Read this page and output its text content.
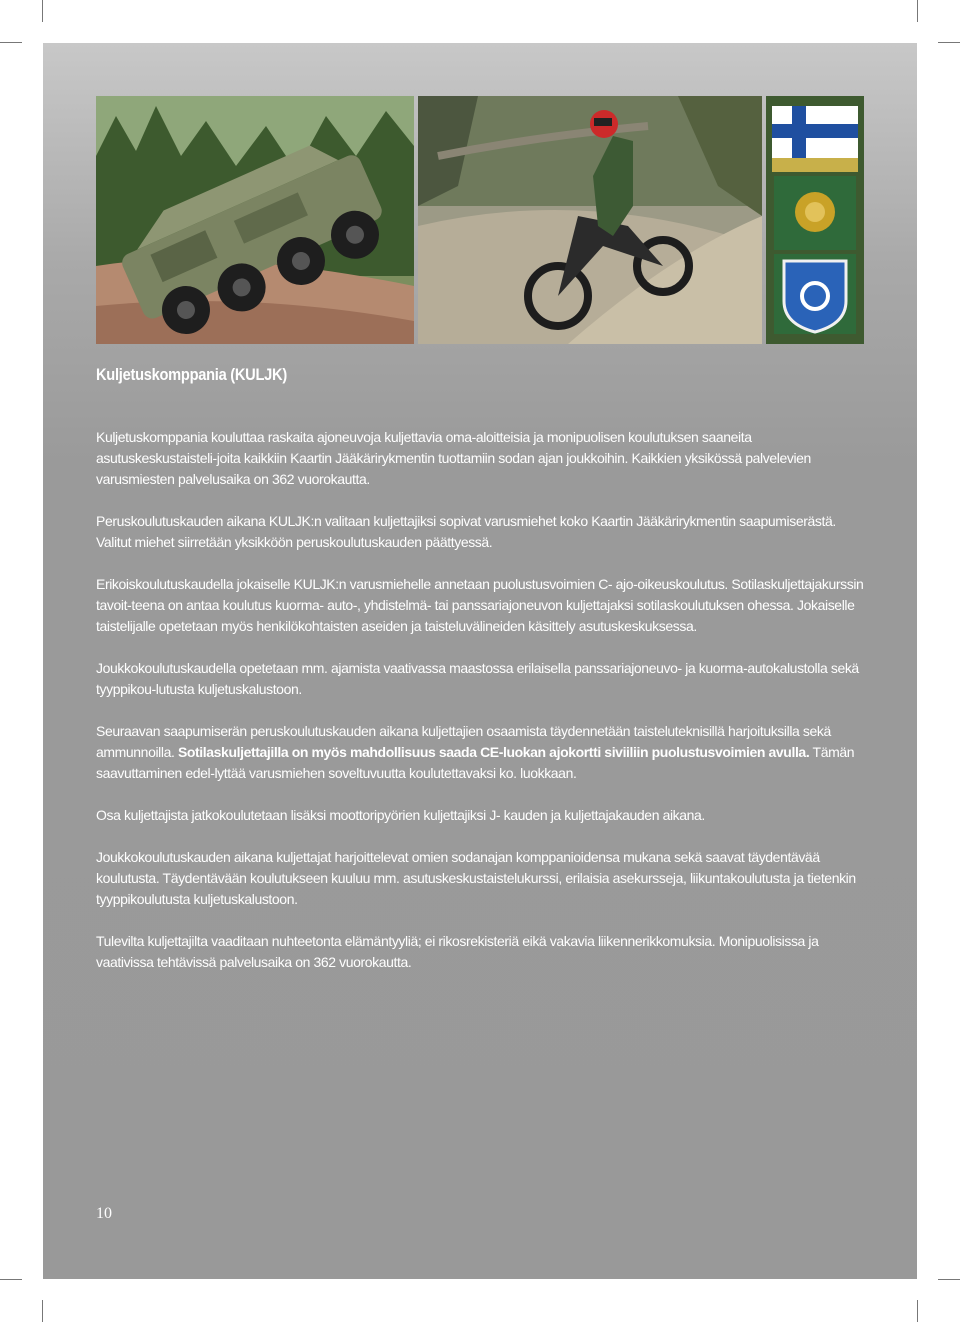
Kuljetuskomppania (KULJK)

Kuljetuskomppania kouluttaa raskaita ajoneuvoja kuljettavia oma-aloitteisia ja monipuolisen koulutuksen saaneita asutuskeskustaisteli-joita kaikkiin Kaartin Jääkärirykmentin tuottamiin sodan ajan joukkoihin. Kaikkien yksikössä palvelevien varusmiesten palvelusaika on 362 vuorokautta.

Peruskoulutuskauden aikana KULJK:n valitaan kuljettajiksi sopivat varusmiehet koko Kaartin Jääkärirykmentin saapumiserästä. Valitut miehet siirretään yksikköön peruskoulutuskauden päättyessä.

Erikoiskoulutuskaudella jokaiselle KULJK:n varusmiehelle annetaan puolustusvoimien C- ajo-oikeuskoulutus. Sotilaskuljettajakurssin tavoit-teena on antaa koulutus kuorma- auto-, yhdistelmä- tai panssariajoneuvon kuljettajaksi sotilaskoulutuksen ohessa. Jokaiselle taistelijalle opetetaan myös henkilökohtaisten aseiden ja taisteluvälineiden käsittely asutuskeskuksessa.

Joukkokoulutuskaudella opetetaan mm. ajamista vaativassa maastossa erilaisella panssariajoneuvo- ja kuorma-autokalustolla sekä tyyppikou-lutusta kuljetuskalustoon.

Seuraavan saapumiserän peruskoulutuskauden aikana kuljettajien osaamista täydennetään taisteluteknisillä harjoituksilla sekä ammunnoilla. Sotilaskuljettajilla on myös mahdollisuus saada CE-luokan ajokortti siviiliin puolustusvoimien avulla. Tämän saavuttaminen edel-lyttää varusmiehen soveltuvuutta koulutettavaksi ko. luokkaan.

Osa kuljettajista jatkokoulutetaan lisäksi moottoripyörien kuljettajiksi J- kauden ja kuljettajakauden aikana.

Joukkokoulutuskauden aikana kuljettajat harjoittelevat omien sodanajan komppanioidensa mukana sekä saavat täydentävää koulutusta. Täydentävään koulutukseen kuuluu mm. asutuskeskustaistelukurssi, erilaisia asekursseja, liikuntakoulutusta ja tietenkin tyyppikoulutusta kuljetuskalustoon.

Tulevilta kuljettajilta vaaditaan nuhteetonta elämäntyyliä; ei rikosrekisteriä eikä vakavia liikennerikkomuksia. Monipuolisissa ja vaativissa tehtävissä palvelusaika on 362 vuorokautta.

10
